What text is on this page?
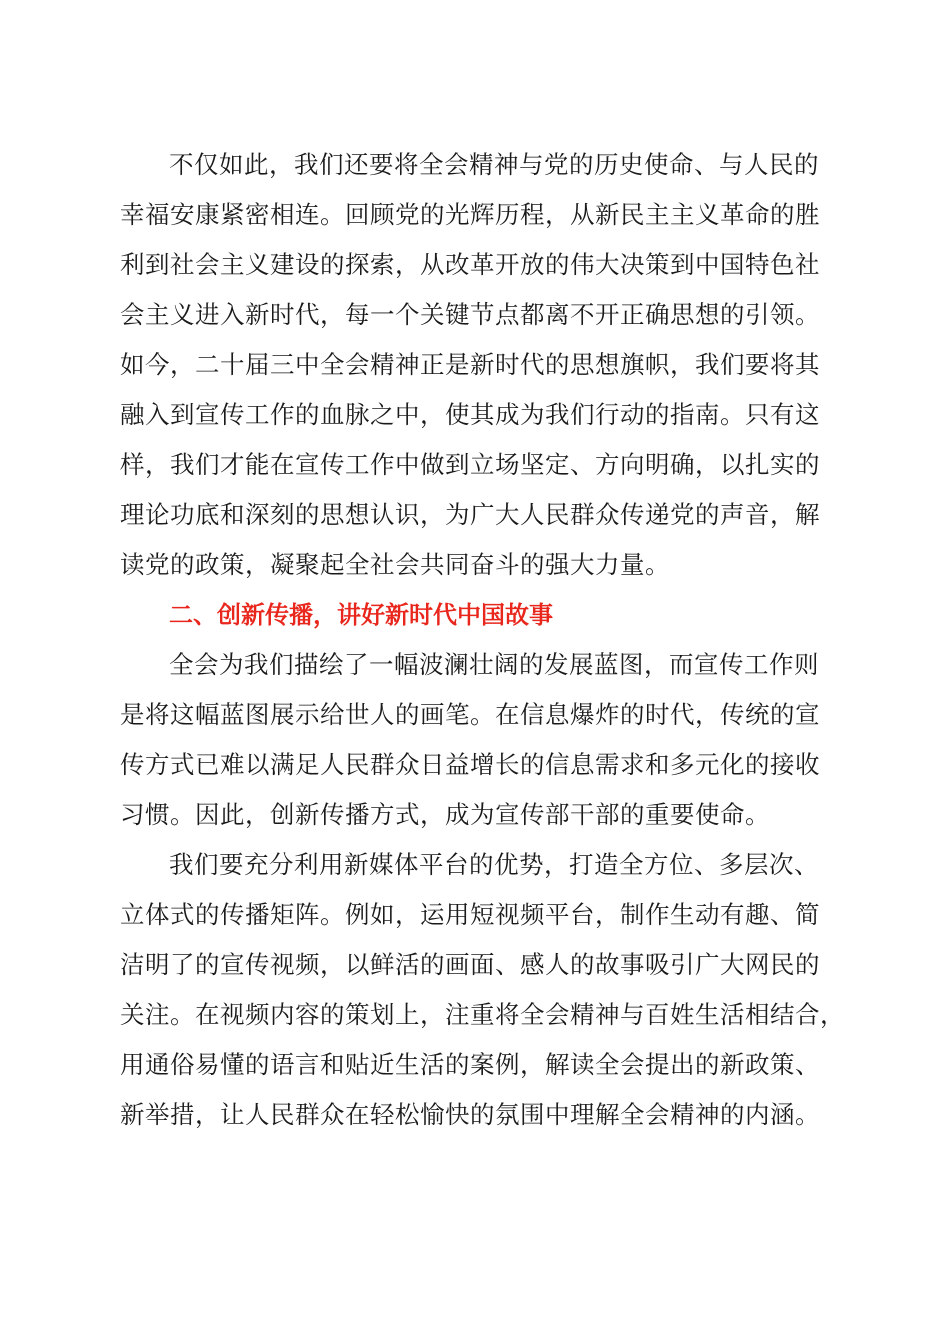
不仅如此，我们还要将全会精神与党的历史使命、与人民的
幸福安康紧密相连。回顾党的光辉历程，从新民主主义革命的胜
利到社会主义建设的探索，从改革开放的伟大决策到中国特色社
会主义进入新时代，每一个关键节点都离不开正确思想的引领。
如今，二十届三中全会精神正是新时代的思想旗帜，我们要将其
融入到宣传工作的血脉之中，使其成为我们行动的指南。只有这
样，我们才能在宣传工作中做到立场坚定、方向明确，以扎实的
理论功底和深刻的思想认识，为广大人民群众传递党的声音，解
读党的政策，凝聚起全社会共同奋斗的强大力量。
二、创新传播，讲好新时代中国故事
全会为我们描绘了一幅波澜壮阔的发展蓝图，而宣传工作则
是将这幅蓝图展示给世人的画笔。在信息爆炸的时代，传统的宣
传方式已难以满足人民群众日益增长的信息需求和多元化的接收
习惯。因此，创新传播方式，成为宣传部干部的重要使命。
我们要充分利用新媒体平台的优势，打造全方位、多层次、
立体式的传播矩阵。例如，运用短视频平台，制作生动有趣、简
洁明了的宣传视频，以鲜活的画面、感人的故事吸引广大网民的
关注。在视频内容的策划上，注重将全会精神与百姓生活相结合，
用通俗易懂的语言和贴近生活的案例，解读全会提出的新政策、
新举措，让人民群众在轻松愉快的氛围中理解全会精神的内涵。
